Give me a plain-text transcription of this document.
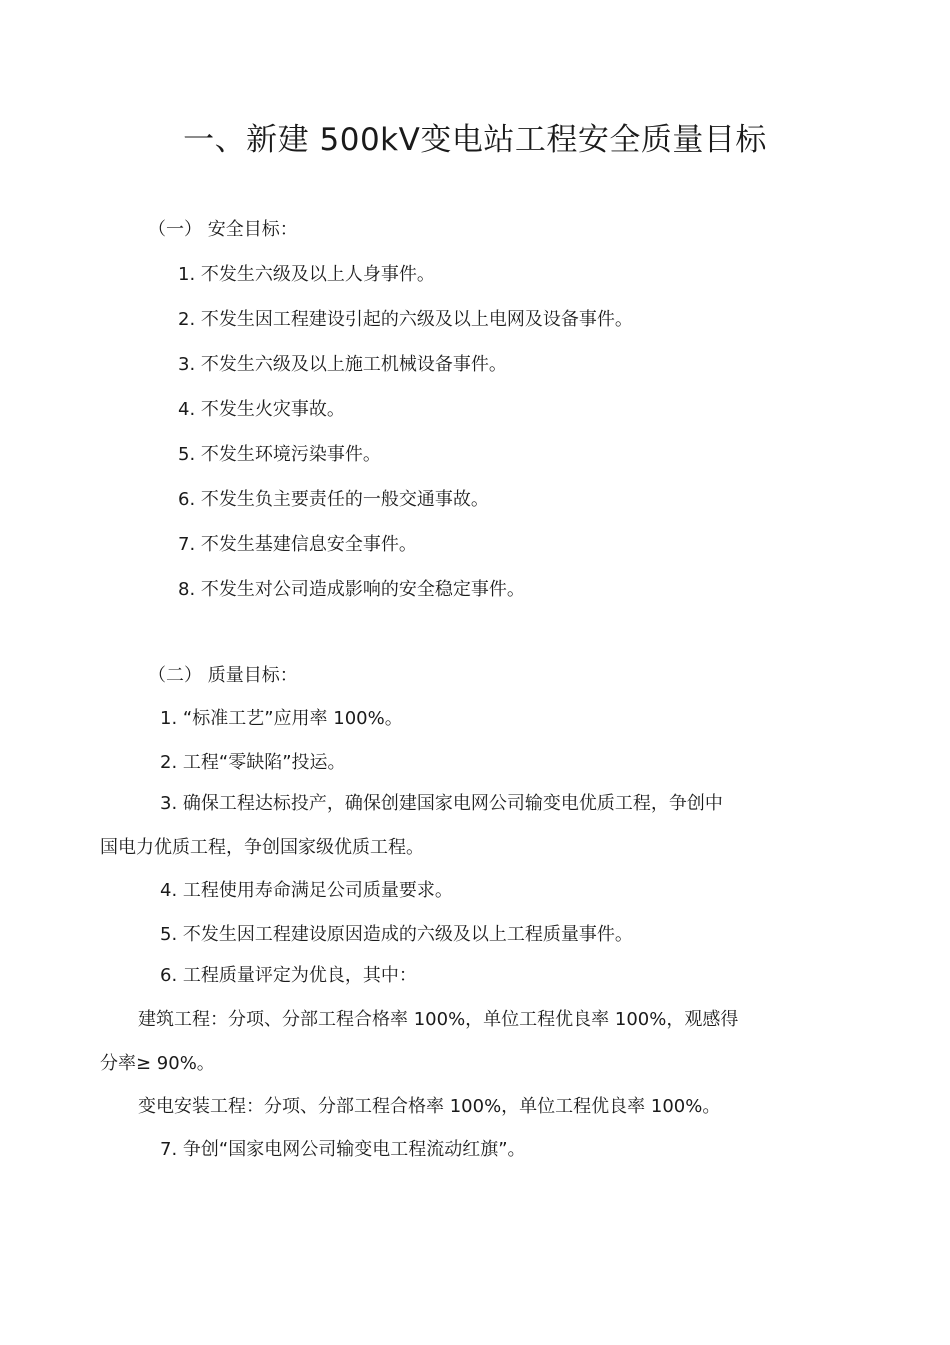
一、新建 500kV变电站工程安全质量目标
（一） 安全目标：
1. 不发生六级及以上人身事件。
2. 不发生因工程建设引起的六级及以上电网及设备事件。
3. 不发生六级及以上施工机械设备事件。
4. 不发生火灾事故。
5. 不发生环境污染事件。
6. 不发生负主要责任的一般交通事故。
7. 不发生基建信息安全事件。
8. 不发生对公司造成影响的安全稳定事件。
（二） 质量目标：
1. “标准工艺”应用率 100%。
2. 工程“零缺陷”投运。
3. 确保工程达标投产，确保创建国家电网公司输变电优质工程，争创中
国电力优质工程，争创国家级优质工程。
4. 工程使用寿命满足公司质量要求。
5. 不发生因工程建设原因造成的六级及以上工程质量事件。
6. 工程质量评定为优良，其中：
建筑工程：分项、分部工程合格率 100%，单位工程优良率 100%，观感得
分率≥ 90%。
变电安装工程：分项、分部工程合格率 100%，单位工程优良率 100%。
7. 争创“国家电网公司输变电工程流动红旗”。
